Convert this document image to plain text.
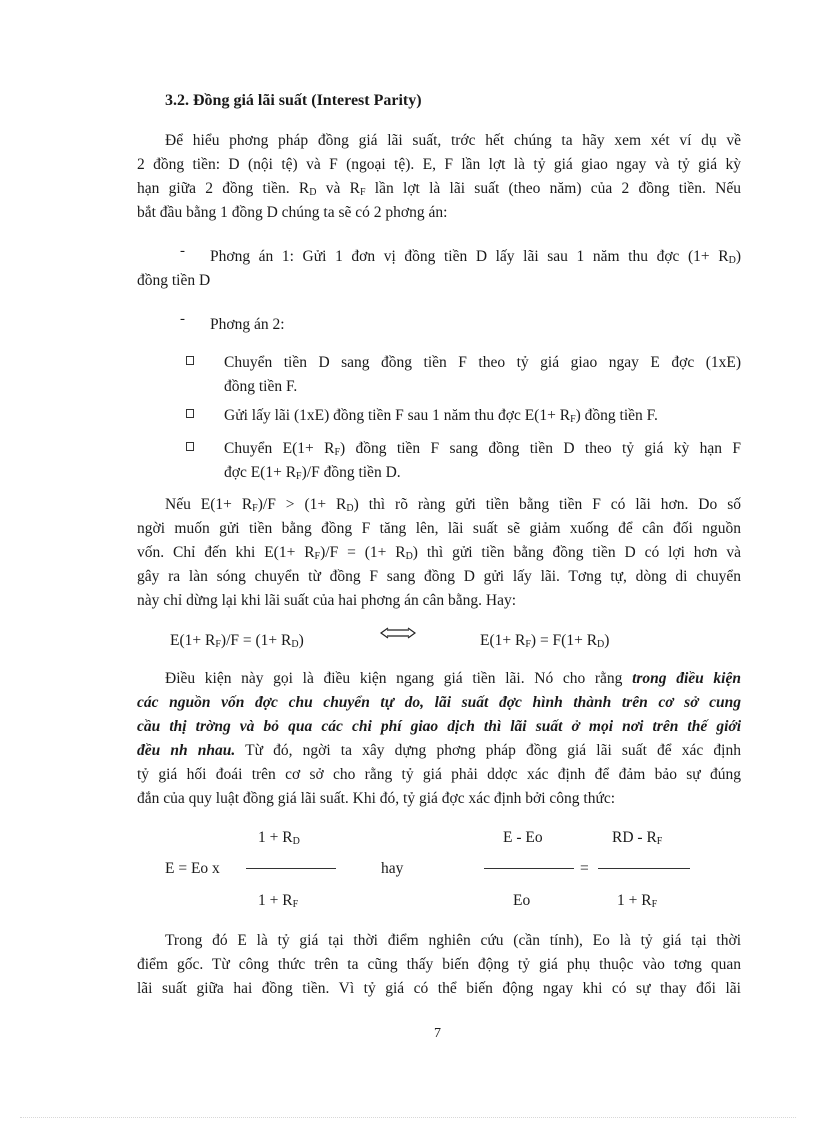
3.2. Đồng giá lãi suất (Interest Parity)
Để hiểu phơng pháp đồng giá lãi suất, trớc hết chúng ta hãy xem xét ví dụ về
2 đồng tiền: D (nội tệ) và F (ngoại tệ). E, F lần lợt là tỷ giá giao ngay và tỷ giá kỳ
hạn giữa 2 đồng tiền. $R_D$ và $R_F$ lần lợt là lãi suất (theo năm) của 2 đồng tiền. Nếu
bắt đầu bằng 1 đồng D chúng ta sẽ có 2 phơng án:
- Phơng án 1: Gửi 1 đơn vị đồng tiền D lấy lãi sau 1 năm thu đợc $(1+ R_D)$
đồng tiền D
- Phơng án 2:
Chuyển tiền D sang đồng tiền F theo tỷ giá giao ngay E đợc (1xE)
đồng tiền F.
Gửi lấy lãi (1xE) đồng tiền F sau 1 năm thu đợc $E(1+ R_F)$ đồng tiền F.
Chuyển $E(1+ R_F)$ đồng tiền F sang đồng tiền D theo tỷ giá kỳ hạn F
đợc $E(1+ R_F)/F$ đồng tiền D.
Nếu $E(1+ R_F)/F > (1+ R_D)$ thì rõ ràng gửi tiền bằng tiền F có lãi hơn. Do số
ngời muốn gửi tiền bằng đồng F tăng lên, lãi suất sẽ giảm xuống để cân đối nguồn
vốn. Chỉ đến khi $E(1+ R_F)/F = (1+ R_D)$ thì gửi tiền bằng đồng tiền D có lợi hơn và
gây ra làn sóng chuyển từ đồng F sang đồng D gửi lấy lãi. Tơng tự, dòng di chuyển
này chỉ dừng lại khi lãi suất của hai phơng án cân bằng. Hay:
$E(1+ R_F)/F = (1+ R_D)$	$E(1+ R_F) = F(1+ R_D)$
Điều kiện này gọi là điều kiện ngang giá tiền lãi. Nó cho rằng trong điều kiện
các nguồn vốn đợc chu chuyển tự do, lãi suất đợc hình thành trên cơ sở cung
cầu thị trờng và bỏ qua các chi phí giao dịch thì lãi suất ở mọi nơi trên thế giới
đều nh nhau. Từ đó, ngời ta xây dựng phơng pháp đồng giá lãi suất để xác định
tỷ giá hối đoái trên cơ sở cho rằng tỷ giá phải ddợc xác định để đảm bảo sự đúng
đắn của quy luật đồng giá lãi suất. Khi đó, tỷ giá đợc xác định bởi công thức:
$1 + R_D$
E = Eo x
$1 + R_F$
hay
E - Eo
Eo
=
RD - $R_F$
$1 + R_F$
Trong đó E là tỷ giá tại thời điểm nghiên cứu (cần tính), Eo là tỷ giá tại thời
điểm gốc. Từ công thức trên ta cũng thấy biến động tỷ giá phụ thuộc vào tơng quan
lãi suất giữa hai đồng tiền. Vì tỷ giá có thể biến động ngay khi có sự thay đổi lãi
7
